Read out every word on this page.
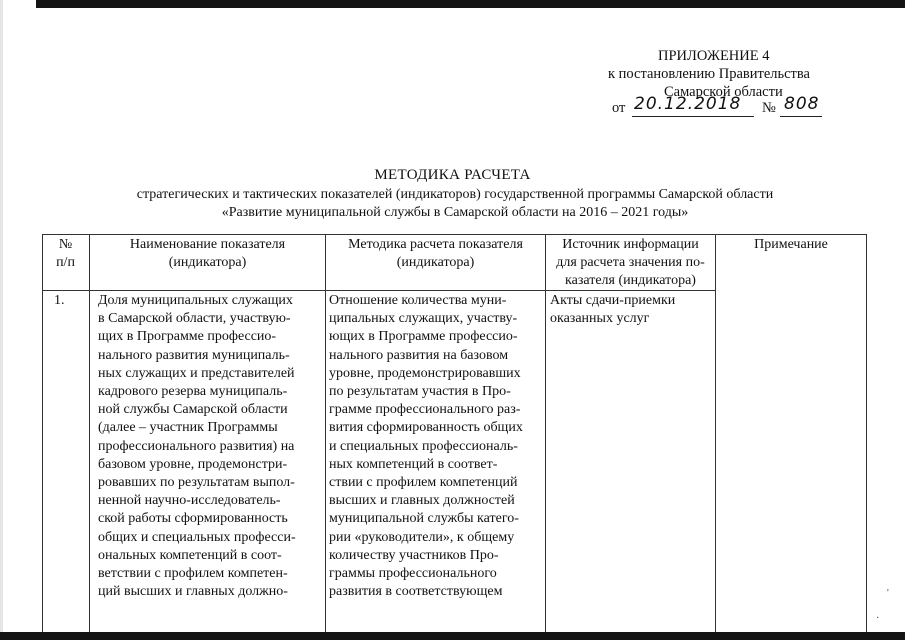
ПРИЛОЖЕНИЕ 4
к постановлению Правительства
Самарской области
от 20.12.2018 № 808
МЕТОДИКА РАСЧЕТА
стратегических и тактических показателей (индикаторов) государственной программы Самарской области
«Развитие муниципальной службы в Самарской области на 2016 – 2021 годы»
№
п/п
Наименование показателя
(индикатора)
Методика расчета показателя
(индикатора)
Источник информации
для расчета значения по-
казателя (индикатора)
Примечание
1.	Доля муниципальных служащих
в Самарской области, участвую-
щих в Программе профессио-
нального развития муниципаль-
ных служащих и представителей
кадрового резерва муниципаль-
ной службы Самарской области
(далее – участник Программы
профессионального развития) на
базовом уровне, продемонстри-
ровавших по результатам выпол-
ненной научно-исследователь-
ской работы сформированность
общих и специальных професси-
ональных компетенций в соот-
ветствии с профилем компетен-
ций высших и главных должно-
Отношение количества муни-
ципальных служащих, участву-
ющих в Программе профессио-
нального развития на базовом
уровне, продемонстрировавших
по результатам участия в Про-
грамме профессионального раз-
вития сформированность общих
и специальных профессиональ-
ных компетенций в соответ-
ствии с профилем компетенций
высших и главных должностей
муниципальной службы катего-
рии «руководители», к общему
количеству участников Про-
граммы профессионального
развития в соответствующем
Акты сдачи-приемки
оказанных услуг
'
·
